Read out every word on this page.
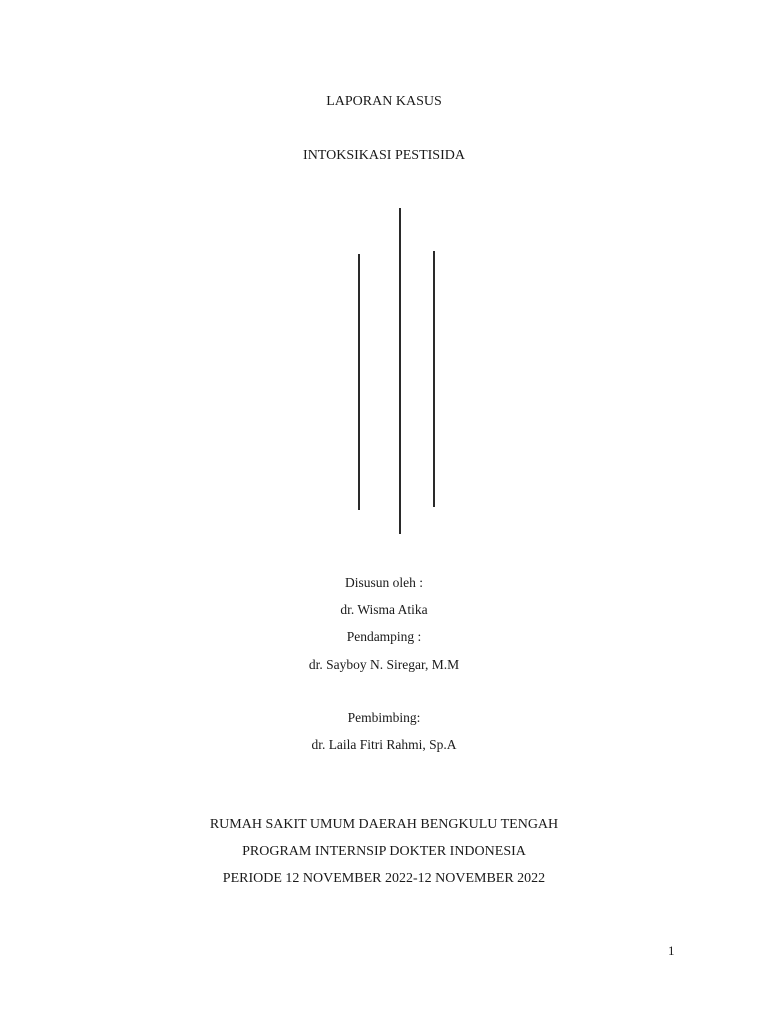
LAPORAN KASUS
INTOKSIKASI PESTISIDA
Disusun oleh :
dr. Wisma Atika
Pendamping :
dr. Sayboy N. Siregar, M.M
Pembimbing:
dr. Laila Fitri Rahmi, Sp.A
RUMAH SAKIT UMUM DAERAH BENGKULU TENGAH
PROGRAM INTERNSIP DOKTER INDONESIA
PERIODE 12 NOVEMBER 2022-12 NOVEMBER 2022
1
